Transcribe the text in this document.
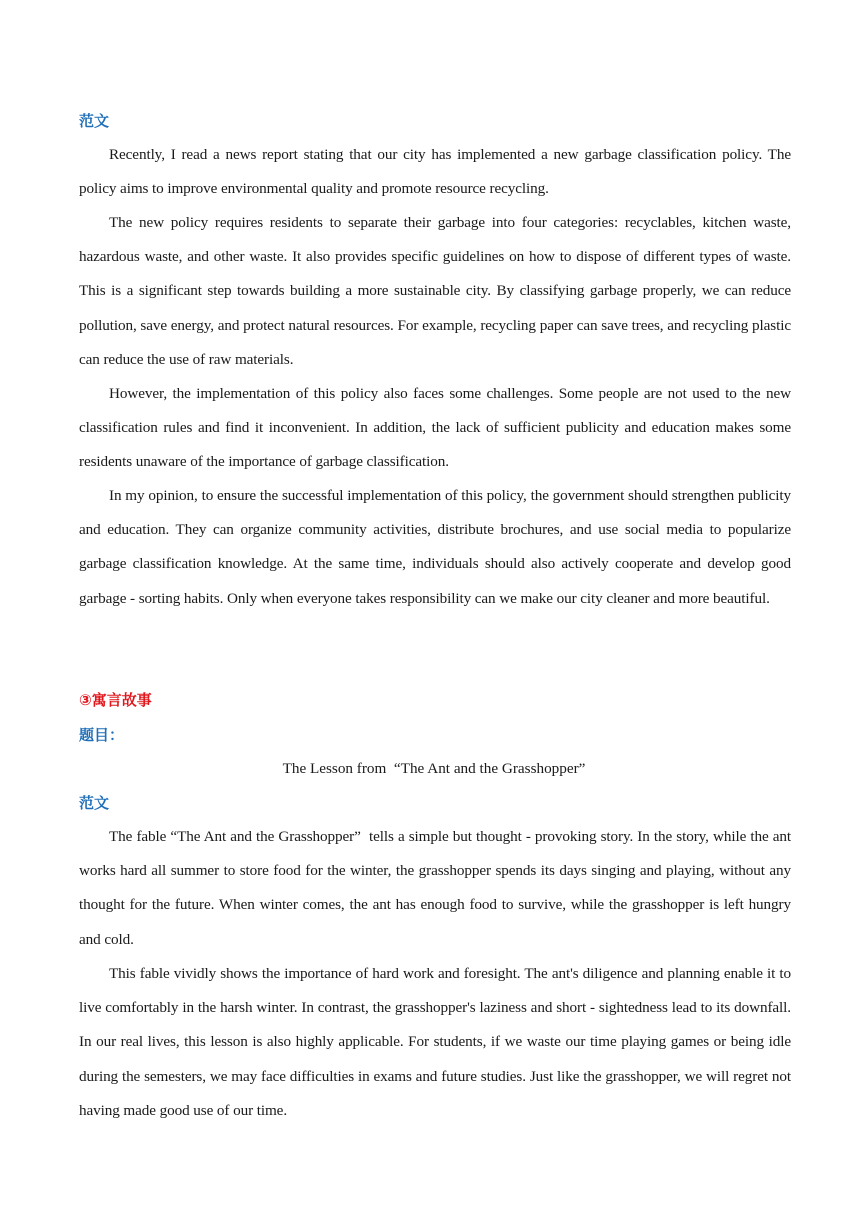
范文

Recently, I read a news report stating that our city has implemented a new garbage classification policy. The policy aims to improve environmental quality and promote resource recycling.

The new policy requires residents to separate their garbage into four categories: recyclables, kitchen waste, hazardous waste, and other waste. It also provides specific guidelines on how to dispose of different types of waste. This is a significant step towards building a more sustainable city. By classifying garbage properly, we can reduce pollution, save energy, and protect natural resources. For example, recycling paper can save trees, and recycling plastic can reduce the use of raw materials.

However, the implementation of this policy also faces some challenges. Some people are not used to the new classification rules and find it inconvenient. In addition, the lack of sufficient publicity and education makes some residents unaware of the importance of garbage classification.

In my opinion, to ensure the successful implementation of this policy, the government should strengthen publicity and education. They can organize community activities, distribute brochures, and use social media to popularize garbage classification knowledge. At the same time, individuals should also actively cooperate and develop good garbage - sorting habits. Only when everyone takes responsibility can we make our city cleaner and more beautiful.

③寓言故事

题目：

The Lesson from  “The Ant and the Grasshopper”

范文

The fable “The Ant and the Grasshopper”  tells a simple but thought - provoking story. In the story, while the ant works hard all summer to store food for the winter, the grasshopper spends its days singing and playing, without any thought for the future. When winter comes, the ant has enough food to survive, while the grasshopper is left hungry and cold.

This fable vividly shows the importance of hard work and foresight. The ant's diligence and planning enable it to live comfortably in the harsh winter. In contrast, the grasshopper's laziness and short - sightedness lead to its downfall. In our real lives, this lesson is also highly applicable. For students, if we waste our time playing games or being idle during the semesters, we may face difficulties in exams and future studies. Just like the grasshopper, we will regret not having made good use of our time.
